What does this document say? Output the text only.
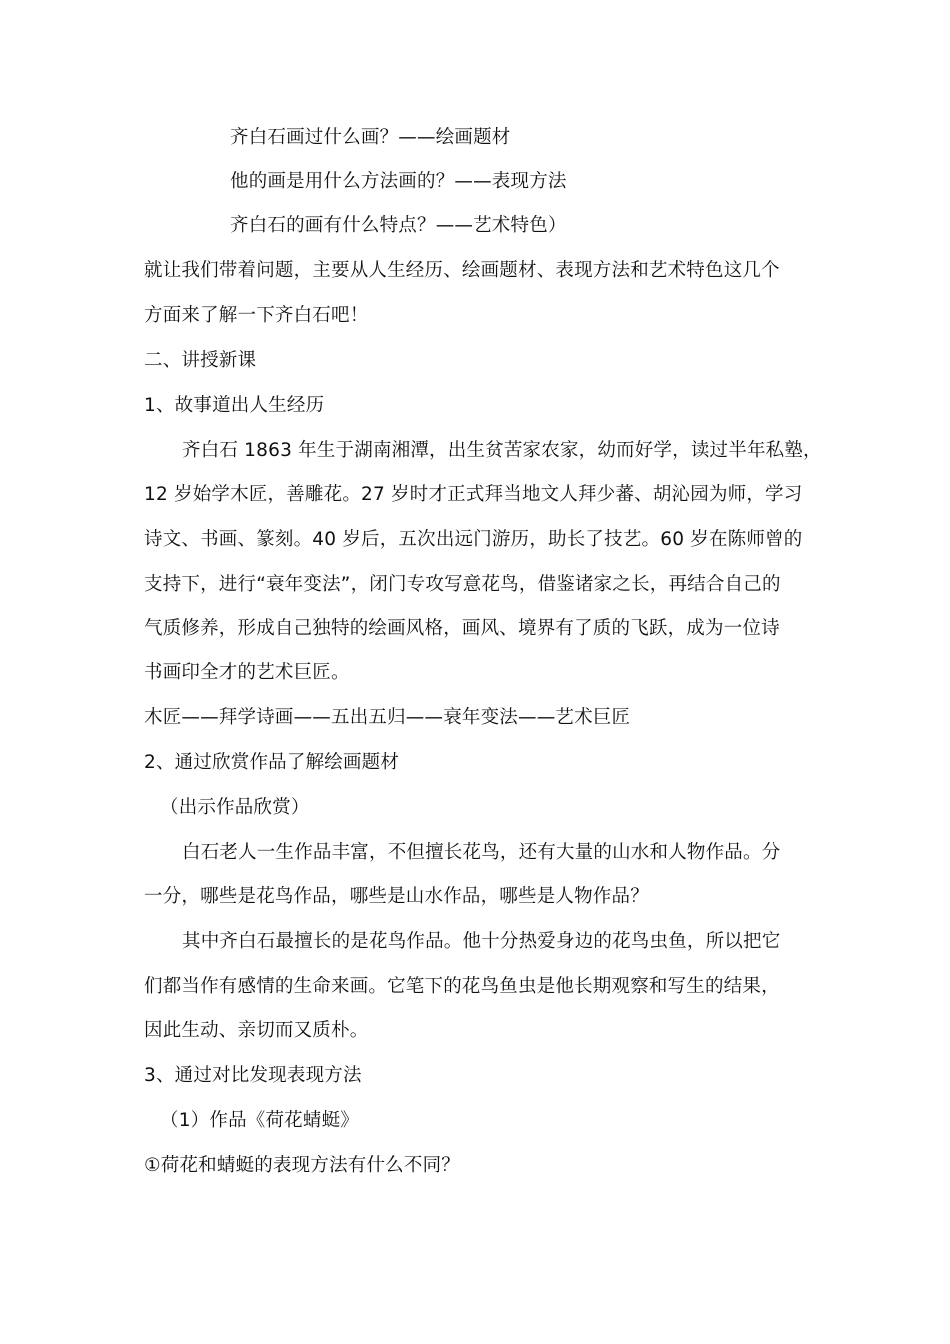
齐白石画过什么画？——绘画题材
他的画是用什么方法画的？——表现方法
齐白石的画有什么特点？——艺术特色）
就让我们带着问题，主要从人生经历、绘画题材、表现方法和艺术特色这几个
方面来了解一下齐白石吧！
二、讲授新课
1、故事道出人生经历
齐白石 1863 年生于湖南湘潭，出生贫苦家农家，幼而好学，读过半年私塾，
12 岁始学木匠，善雕花。27 岁时才正式拜当地文人拜少蕃、胡沁园为师，学习
诗文、书画、篆刻。40 岁后，五次出远门游历，助长了技艺。60 岁在陈师曾的
支持下，进行“衰年变法”，闭门专攻写意花鸟，借鉴诸家之长，再结合自己的
气质修养，形成自己独特的绘画风格，画风、境界有了质的飞跃，成为一位诗
书画印全才的艺术巨匠。
木匠——拜学诗画——五出五归——衰年变法——艺术巨匠
2、通过欣赏作品了解绘画题材
（出示作品欣赏）
白石老人一生作品丰富，不但擅长花鸟，还有大量的山水和人物作品。分
一分，哪些是花鸟作品，哪些是山水作品，哪些是人物作品？
其中齐白石最擅长的是花鸟作品。他十分热爱身边的花鸟虫鱼，所以把它
们都当作有感情的生命来画。它笔下的花鸟鱼虫是他长期观察和写生的结果，
因此生动、亲切而又质朴。
3、通过对比发现表现方法
（1）作品《荷花蜻蜓》
①荷花和蜻蜓的表现方法有什么不同？
